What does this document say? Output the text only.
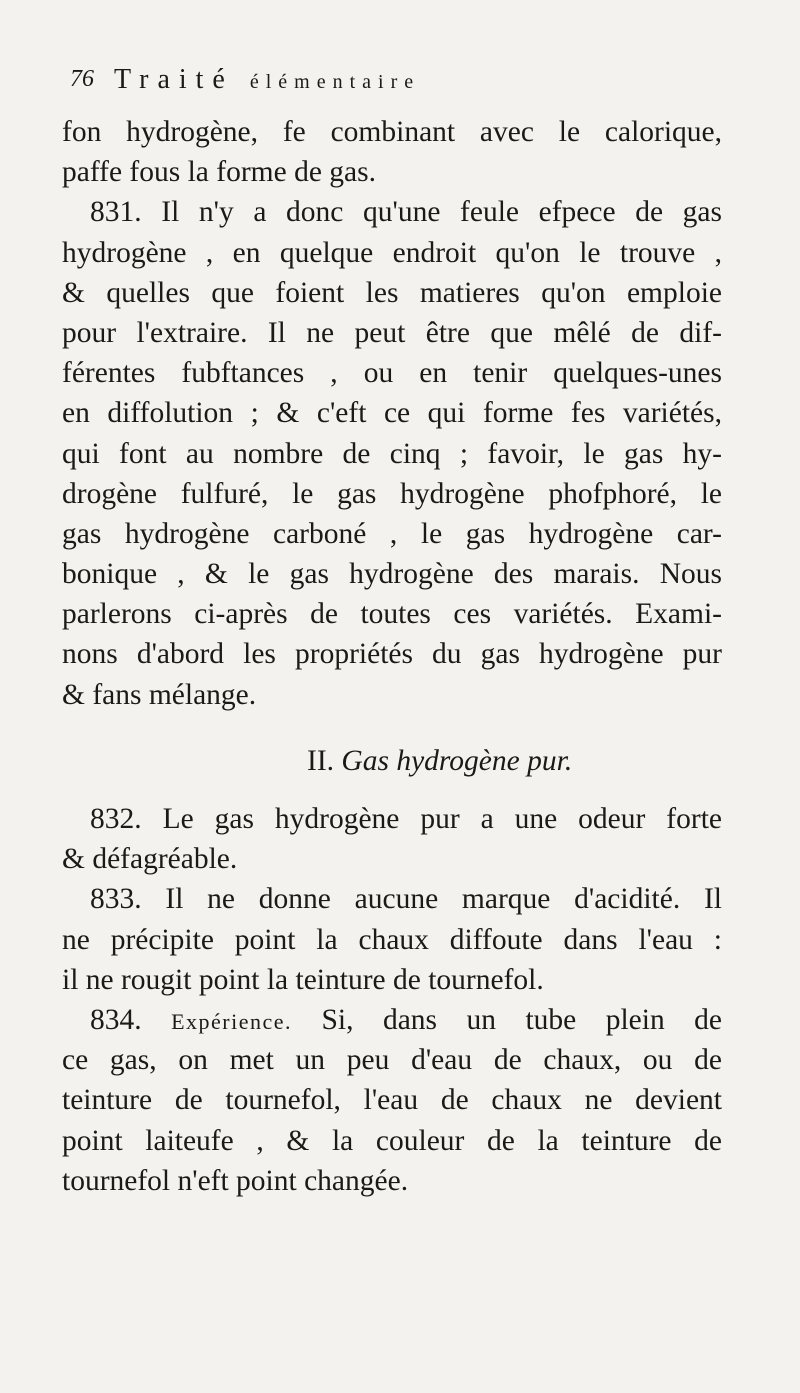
76 Traité élémentaire
fon hydrogène, fe combinant avec le calorique,
paffe fous la forme de gas.
831. Il n'y a donc qu'une feule efpece de gas
hydrogène , en quelque endroit qu'on le trouve ,
& quelles que foient les matieres qu'on emploie
pour l'extraire. Il ne peut être que mêlé de dif-
férentes fubftances , ou en tenir quelques-unes
en diffolution ; & c'eft ce qui forme fes variétés,
qui font au nombre de cinq ; favoir, le gas hy-
drogène fulfuré, le gas hydrogène phofphoré, le
gas hydrogène carboné , le gas hydrogène car-
bonique , & le gas hydrogène des marais. Nous
parlerons ci-après de toutes ces variétés. Exami-
nons d'abord les propriétés du gas hydrogène pur
& fans mélange.
II. Gas hydrogène pur.
832. Le gas hydrogène pur a une odeur forte
& défagréable.
833. Il ne donne aucune marque d'acidité. Il
ne précipite point la chaux diffoute dans l'eau :
il ne rougit point la teinture de tournefol.
834. Expérience. Si, dans un tube plein de
ce gas, on met un peu d'eau de chaux, ou de
teinture de tournefol, l'eau de chaux ne devient
point laiteufe , & la couleur de la teinture de
tournefol n'eft point changée.
